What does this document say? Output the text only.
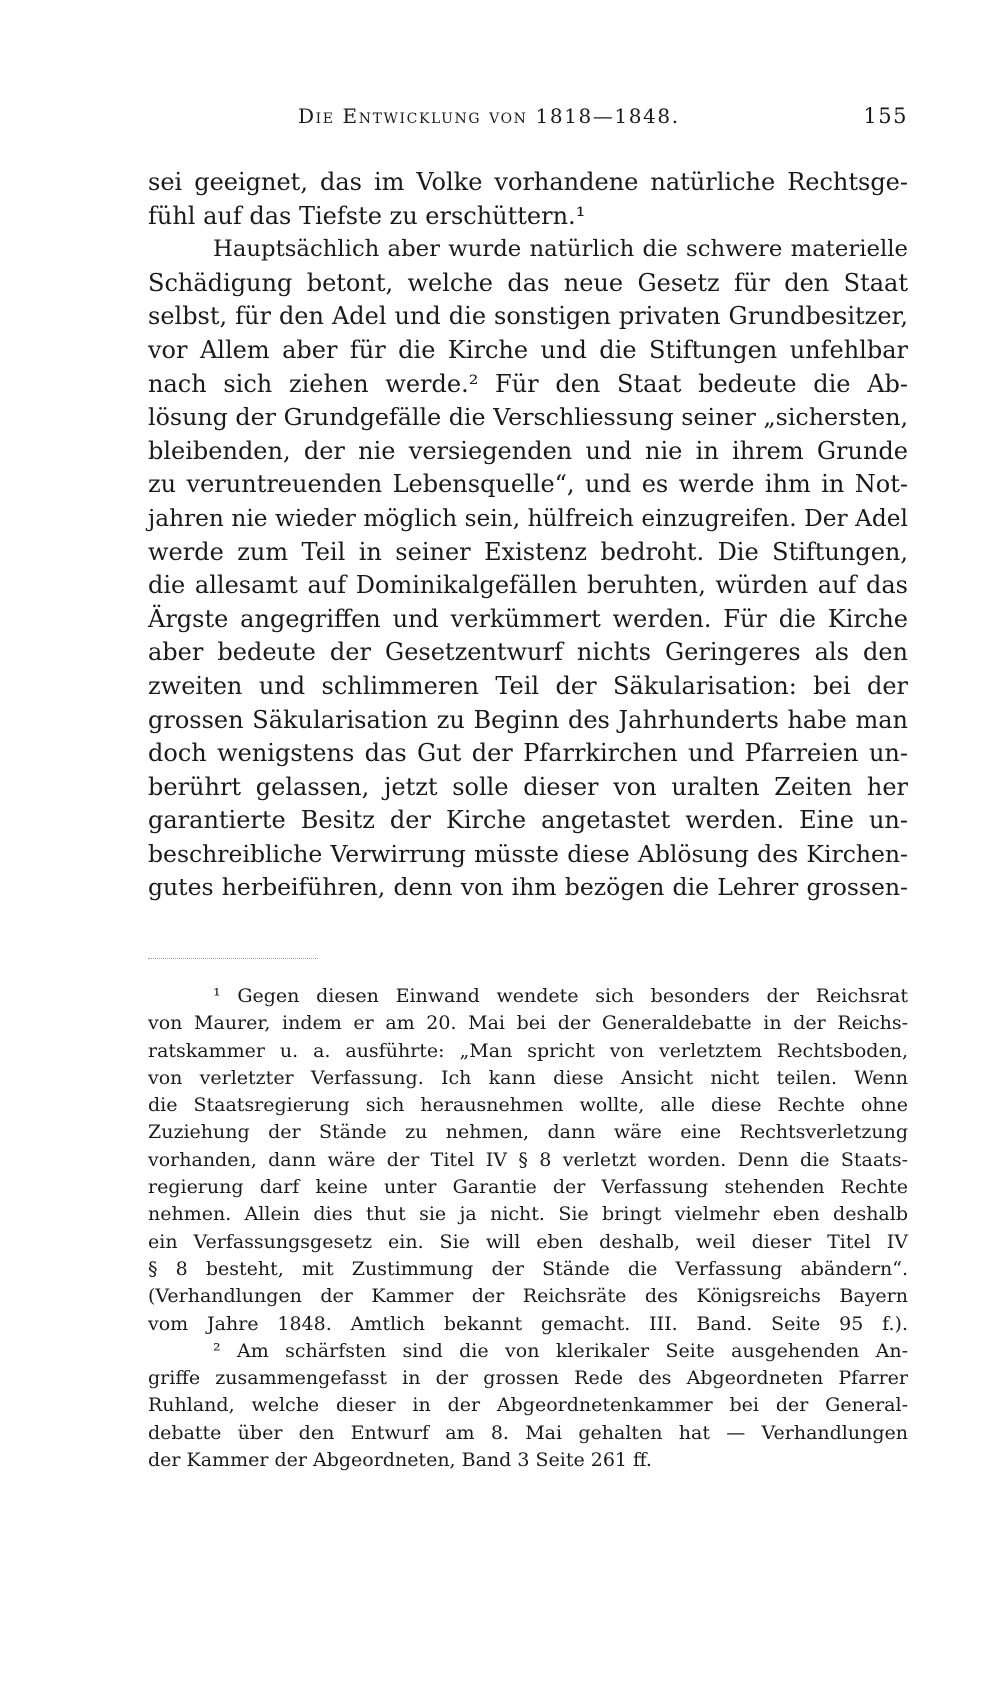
Die Entwicklung von 1818—1848.	155
sei geeignet, das im Volke vorhandene natürliche Rechtsge-
fühl auf das Tiefste zu erschüttern.¹
Hauptsächlich aber wurde natürlich die schwere materielle
Schädigung betont, welche das neue Gesetz für den Staat
selbst, für den Adel und die sonstigen privaten Grundbesitzer,
vor Allem aber für die Kirche und die Stiftungen unfehlbar
nach sich ziehen werde.² Für den Staat bedeute die Ab-
lösung der Grundgefälle die Verschliessung seiner „sichersten,
bleibenden, der nie versiegenden und nie in ihrem Grunde
zu veruntreuenden Lebensquelle“, und es werde ihm in Not-
jahren nie wieder möglich sein, hülfreich einzugreifen. Der Adel
werde zum Teil in seiner Existenz bedroht. Die Stiftungen,
die allesamt auf Dominikalgefällen beruhten, würden auf das
Ärgste angegriffen und verkümmert werden. Für die Kirche
aber bedeute der Gesetzentwurf nichts Geringeres als den
zweiten und schlimmeren Teil der Säkularisation: bei der
grossen Säkularisation zu Beginn des Jahrhunderts habe man
doch wenigstens das Gut der Pfarrkirchen und Pfarreien un-
berührt gelassen, jetzt solle dieser von uralten Zeiten her
garantierte Besitz der Kirche angetastet werden. Eine un-
beschreibliche Verwirrung müsste diese Ablösung des Kirchen-
gutes herbeiführen, denn von ihm bezögen die Lehrer grossen-
¹ Gegen diesen Einwand wendete sich besonders der Reichsrat
von Maurer, indem er am 20. Mai bei der Generaldebatte in der Reichs-
ratskammer u. a. ausführte: „Man spricht von verletztem Rechtsboden,
von verletzter Verfassung. Ich kann diese Ansicht nicht teilen. Wenn
die Staatsregierung sich herausnehmen wollte, alle diese Rechte ohne
Zuziehung der Stände zu nehmen, dann wäre eine Rechtsverletzung
vorhanden, dann wäre der Titel IV § 8 verletzt worden. Denn die Staats-
regierung darf keine unter Garantie der Verfassung stehenden Rechte
nehmen. Allein dies thut sie ja nicht. Sie bringt vielmehr eben deshalb
ein Verfassungsgesetz ein. Sie will eben deshalb, weil dieser Titel IV
§ 8 besteht, mit Zustimmung der Stände die Verfassung abändern“.
(Verhandlungen der Kammer der Reichsräte des Königsreichs Bayern
vom Jahre 1848. Amtlich bekannt gemacht. III. Band. Seite 95 f.).
² Am schärfsten sind die von klerikaler Seite ausgehenden An-
griffe zusammengefasst in der grossen Rede des Abgeordneten Pfarrer
Ruhland, welche dieser in der Abgeordnetenkammer bei der General-
debatte über den Entwurf am 8. Mai gehalten hat — Verhandlungen
der Kammer der Abgeordneten, Band 3 Seite 261 ff.
